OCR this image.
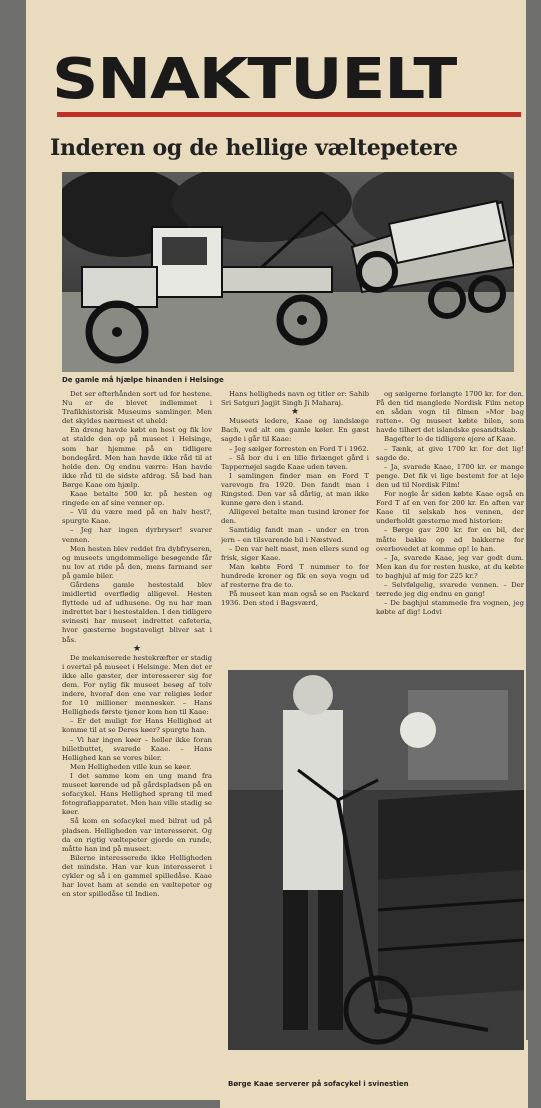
SNAKTUELT
Inderen og de hellige væltepetere
De gamle må hjælpe hinanden i Helsinge

Det ser efterhånden sort ud for hestene. Nu er de blevet indlemmet i Trafikhistorisk Museums samlinger. Men det skyldes nærmest et uheld:

En dreng havde købt en hest og fik lov at stalde den op på museet i Helsinge, som har hjemme på en tidligere bondegård. Men han havde ikke råd til at holde den. Og endnu værre: Han havde ikke råd til de sidste afdrag. Så bad han Børge Kaae om hjælp.

Kaae betalte 500 kr. på hesten og ringede en af sine venner op.

– Vil du være med på en halv hest?, spurgte Kaae.

– Jeg har ingen dyrbryser! svarer vennen.

Men hesten blev reddet fra dybfryseren, og museets ungdommelige besøgende får nu lov at ride på den, mens farmand ser på gamle biler.

Gårdens gamle hestestald blev imidlertid overflødig alligevel. Hesten flyttede ud af udhusene. Og nu har man indrettet bar i hestestalden. I den tidligere svinesti har museet indrettet cafeteria, hvor gæsterne bogstaveligt bliver sat i bås.

★

De mekaniserede hestekræfter er stadig i overtal på museet i Helsinge. Men det er ikke alle gæster, der interesserer sig for dem. For nylig fik museet besøg af tolv indere, hvoraf den ene var religiøs leder for 10 millioner mennesker. – Hans Helligheds første tjener kom hen til Kaae:

– Er det muligt for Hans Hellighed at komme til at se Deres køer? spurgte han.

– Vi har ingen køer – heller ikke foran billetbuttet, svarede Kaae. – Hans Hellighed kan se vores biler.

Men Helligheden ville kun se køer.

I det samme kom en ung mand fra museet kørende ud på gårdspladsen på en sofacykel. Hans Hellighed sprang til med fotografiapparatet. Men han ville stadig se køer.

Så kom en sofacykel med bilrat ud på pladsen. Helligheden var interesseret. Og da en rigtig væltepeter gjorde en runde, måtte han ind på museet.

Bilerne interesserede ikke Helligheden det mindste. Han var kun interesseret i cykler og så i en gammel spilledåse. Kaae har lovet ham at sende en væltepeter og en stor spilledåse til Indien.

Hans helligheds navn og titler er: Sahib Sri Satguri Jagjit Singh Ji Maharaj.

★

Museets ledere, Kaae og landslæge Bach, ved alt om gamle køler. En gæst sagde i går til Kaae:

– Jeg sælger forresten en Ford T i 1962.

– Så bor du i en lille firlænget gård i Tappernøjel sagde Kaae uden tøven.

I samlingen finder man en Ford T varevogn fra 1920. Den fandt man i Ringsted. Den var så dårlig, at man ikke kunne gøre den i stand.

Alligevel betalte man tusind kroner for den.

Samtidig fandt man – under en tron jern – en tilsvarende bil i Næstved.

– Den var helt mast, men ellers sund og frisk, siger Kaae.

Man købte Ford T nummer to for hundrede kroner og fik en soya vogn ud af resterne fra de to.

På museet kan man også se en Packard 1936. Den stod i Bagsværd,

og sælgerne forlangte 1700 kr. for den. På den tid manglede Nordisk Film netop en sådan vogn til filmen »Mor bag ratten«. Og museet købte bilen, som havde tilhørt det islandske gesandtskab.

Bagefter lo de tidligere ejere af Kaae.

– Tænk, at give 1700 kr. for det lig! sagde de.

– Ja, svarede Kaae, 1700 kr. er mange penge. Det fik vi lige bestemt for at leje den ud til Nordisk Film!

For nogle år siden købte Kaae også en Ford T af en ven for 200 kr. En aften var Kaae til selskab hos vennen, der underholdt gæsterne med historien:

– Børge gav 200 kr. for en bil, der måtte bakke op ad bakkerne for overbovedet at komme op! le han.

– Ja, svarede Kaae, jeg var godt dum. Men kan du for resten huske, at du købte to baghjul af mig for 225 kr.?

– Selvfølgelig, svarede vennen. – Der tørrede jeg dig endnu en gang!

– De baghjul stammede fra vognen, jeg købte af dig! Lodvi

Børge Kaae serverer på sofacykel i svinestien
